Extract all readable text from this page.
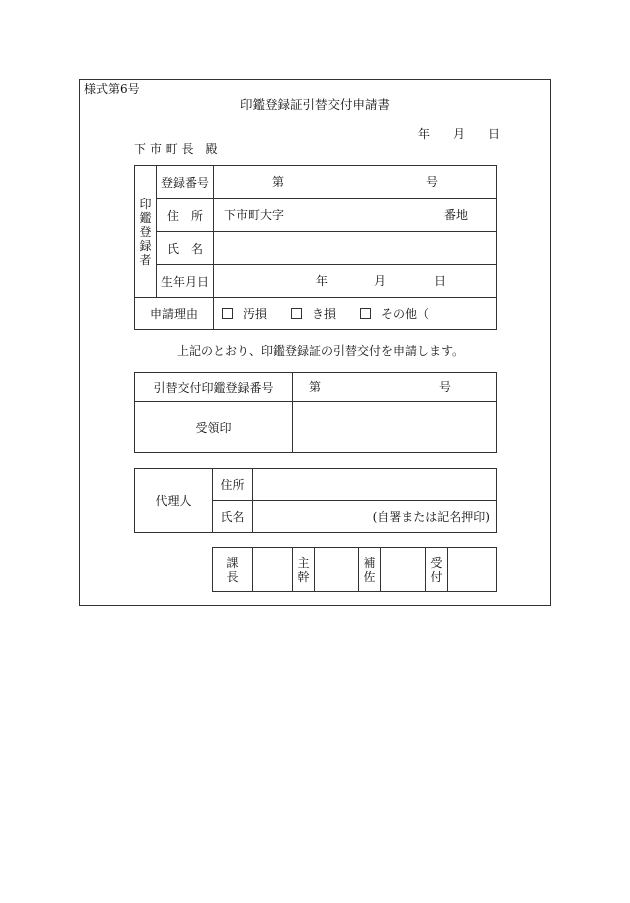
様式第6号
印鑑登録証引替交付申請書
年 月 日
下 市 町 長　殿
印鑑登録者	登録番号	第 号

	住　所	下市町大字 番地

	氏　名	
	生年月日	年 月 日

申請理由		汚損 き損 その他（
上記のとおり、印鑑登録証の引替交付を申請します。
引替交付印鑑登録番号	第 号

受領印	
代理人	住所	
	氏名	(自署または記名押印)
課長		主幹		補佐		受付	
